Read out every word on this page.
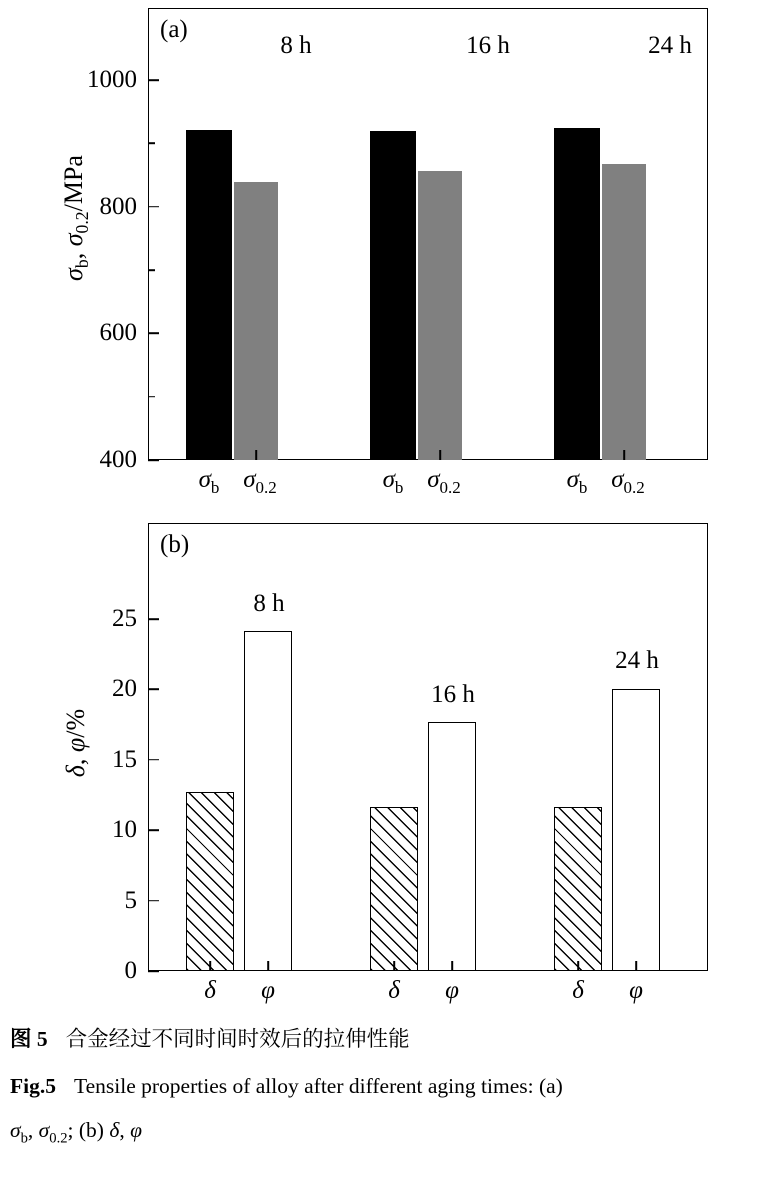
(a)
$\sigma_b$, $\sigma_{0.2}$/MPa
400
600
800
1000
8 h	16 h	24 h
$\sigma_b$ $\sigma_{0.2}$	$\sigma_b$ $\sigma_{0.2}$	$\sigma_b$ $\sigma_{0.2}$
(b)
δ, φ/%
0
5
10
15
20
25
8 h
16 h
24 h
δ φ	δ φ	δ φ
图 5 合金经过不同时间时效后的拉伸性能
Fig.5 Tensile properties of alloy after different aging times: (a)
$\sigma_b$, $\sigma_{0.2}$; (b) δ, φ
